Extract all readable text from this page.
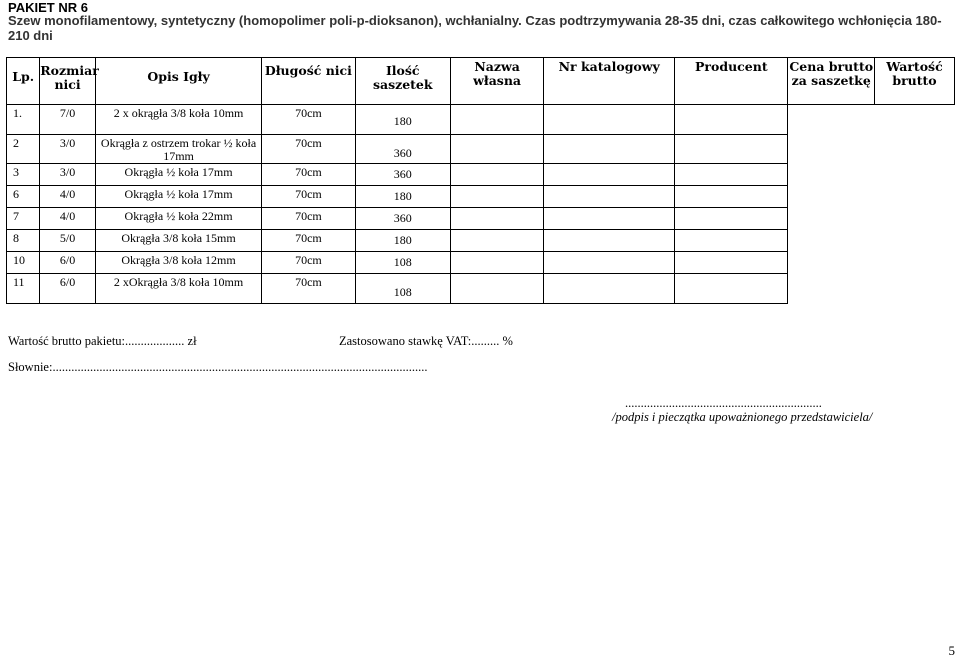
PAKIET NR 6
Szew monofilamentowy, syntetyczny (homopolimer poli-p-dioksanon), wchłanialny. Czas podtrzymywania 28-35 dni, czas całkowitego wchłonięcia 180-210 dni
Lp.	Rozmiar nici	Opis Igły	Długość nici	Ilość saszetek	Nazwa własna	Nr katalogowy	Producent	Cena brutto za saszetkę	Wartość brutto
1.	7/0	2 x okrągła 3/8 koła 10mm	70cm	180					
2	3/0	Okrągła z ostrzem trokar ½ koła 17mm	70cm	360					
3	3/0	Okrągła ½ koła 17mm	70cm	360					
6	4/0	Okrągła ½ koła 17mm	70cm	180					
7	4/0	Okrągła ½ koła 22mm	70cm	360					
8	5/0	Okrągła 3/8 koła 15mm	70cm	180					
10	6/0	Okrągła 3/8 koła 12mm	70cm	108					
11	6/0	2 xOkrągła 3/8 koła 10mm	70cm	108					
Wartość brutto pakietu:................... zł	Zastosowano stawkę VAT:......... %
Słownie:........................................................................................................................
...............................................................
/podpis i pieczątka upoważnionego przedstawiciela/
5
